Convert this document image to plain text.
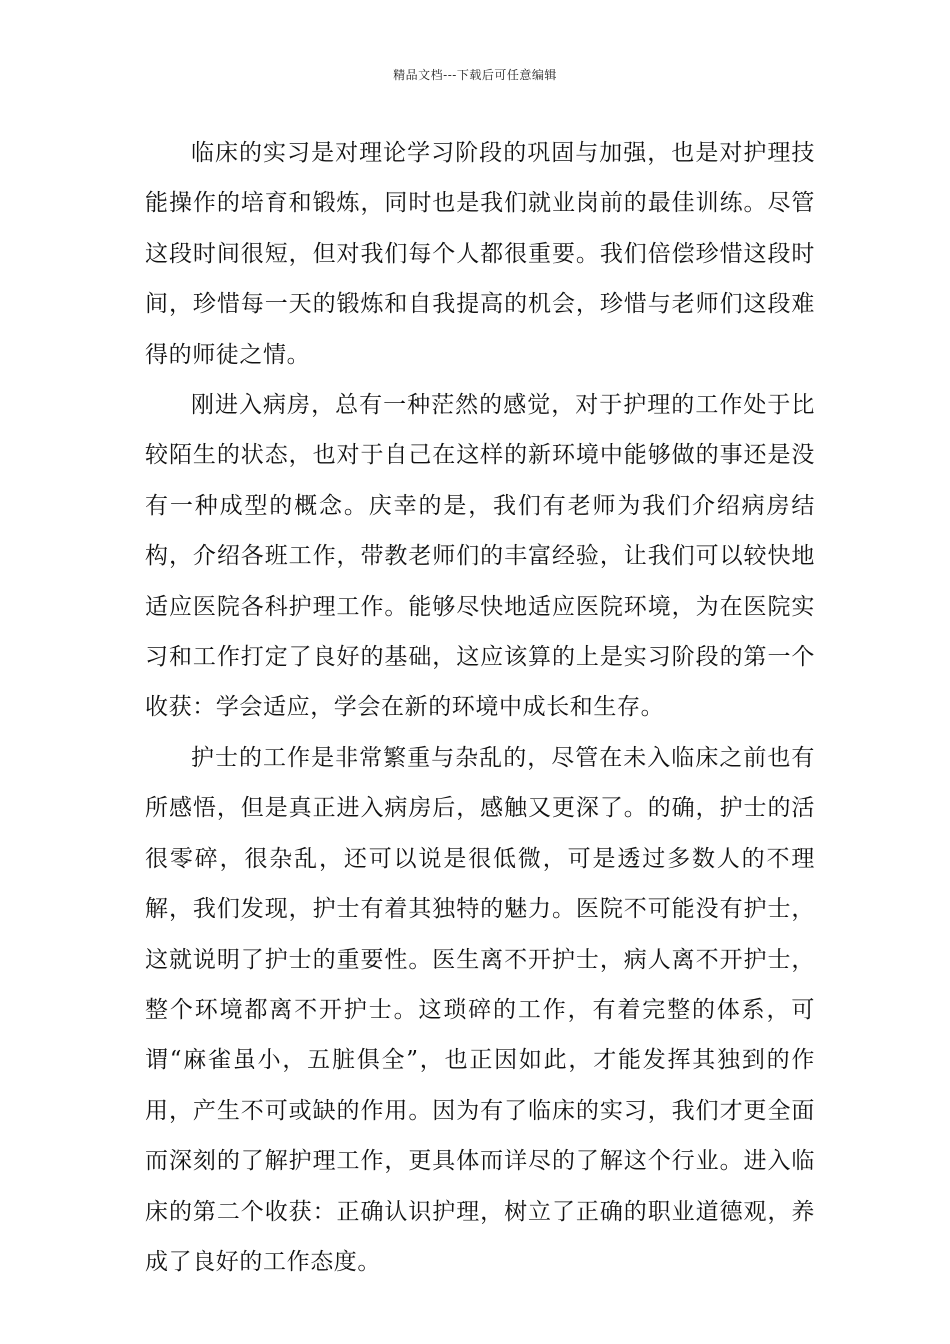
精品文档---下载后可任意编辑

临床的实习是对理论学习阶段的巩固与加强，也是对护理技能操作的培育和锻炼，同时也是我们就业岗前的最佳训练。尽管这段时间很短，但对我们每个人都很重要。我们倍偿珍惜这段时间，珍惜每一天的锻炼和自我提高的机会，珍惜与老师们这段难得的师徒之情。

刚进入病房，总有一种茫然的感觉，对于护理的工作处于比较陌生的状态，也对于自己在这样的新环境中能够做的事还是没有一种成型的概念。庆幸的是，我们有老师为我们介绍病房结构，介绍各班工作，带教老师们的丰富经验，让我们可以较快地适应医院各科护理工作。能够尽快地适应医院环境，为在医院实习和工作打定了良好的基础，这应该算的上是实习阶段的第一个收获：学会适应，学会在新的环境中成长和生存。

护士的工作是非常繁重与杂乱的，尽管在未入临床之前也有所感悟，但是真正进入病房后，感触又更深了。的确，护士的活很零碎，很杂乱，还可以说是很低微，可是透过多数人的不理解，我们发现，护士有着其独特的魅力。医院不可能没有护士，这就说明了护士的重要性。医生离不开护士，病人离不开护士，整个环境都离不开护士。这琐碎的工作，有着完整的体系，可谓“麻雀虽小，五脏俱全”，也正因如此，才能发挥其独到的作用，产生不可或缺的作用。因为有了临床的实习，我们才更全面而深刻的了解护理工作，更具体而详尽的了解这个行业。进入临床的第二个收获：正确认识护理，树立了正确的职业道德观，养成了良好的工作态度。
